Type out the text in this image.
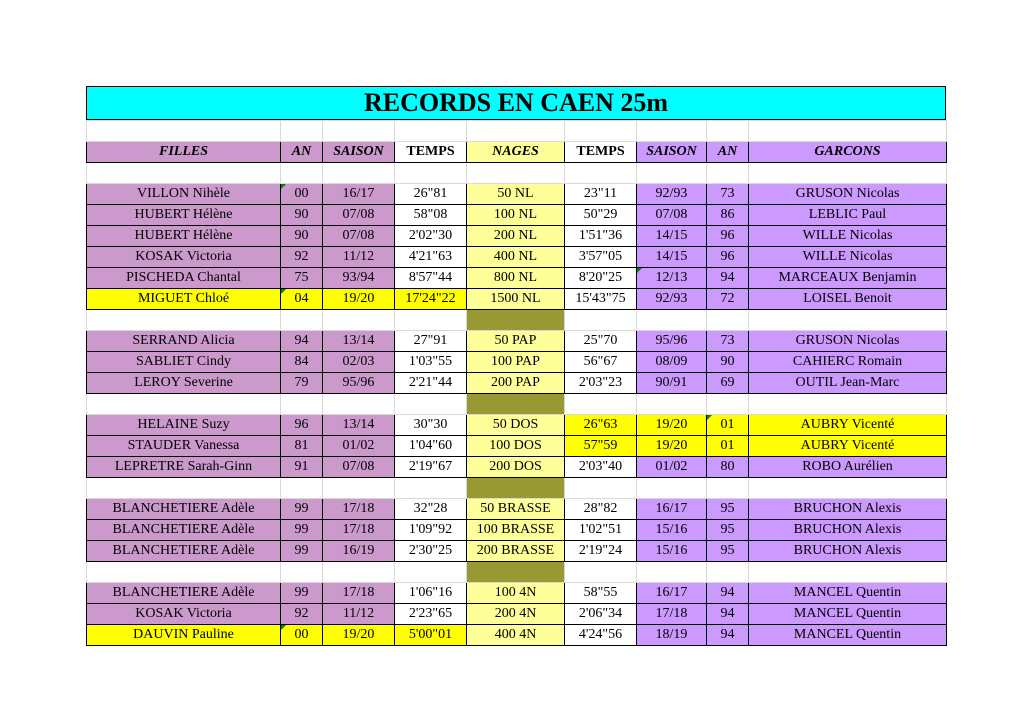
RECORDS EN CAEN 25m

FILLES	AN	SAISON	TEMPS	NAGES	TEMPS	SAISON	AN	GARCONS

VILLON Nihèle	00	16/17	26"81	50 NL	23"11	92/93	73	GRUSON Nicolas
HUBERT Hélène	90	07/08	58"08	100 NL	50"29	07/08	86	LEBLIC Paul
HUBERT Hélène	90	07/08	2'02"30	200 NL	1'51"36	14/15	96	WILLE Nicolas
KOSAK Victoria	92	11/12	4'21"63	400 NL	3'57"05	14/15	96	WILLE Nicolas
PISCHEDA Chantal	75	93/94	8'57"44	800 NL	8'20"25	12/13	94	MARCEAUX Benjamin
MIGUET Chloé	04	19/20	17'24"22	1500 NL	15'43"75	92/93	72	LOISEL Benoit

SERRAND Alicia	94	13/14	27"91	50 PAP	25"70	95/96	73	GRUSON Nicolas
SABLIET Cindy	84	02/03	1'03"55	100 PAP	56"67	08/09	90	CAHIERC Romain
LEROY Severine	79	95/96	2'21"44	200 PAP	2'03"23	90/91	69	OUTIL Jean-Marc

HELAINE Suzy	96	13/14	30"30	50 DOS	26"63	19/20	01	AUBRY Vicenté
STAUDER Vanessa	81	01/02	1'04"60	100 DOS	57"59	19/20	01	AUBRY Vicenté
LEPRETRE Sarah-Ginn	91	07/08	2'19"67	200 DOS	2'03"40	01/02	80	ROBO Aurélien

BLANCHETIERE Adèle	99	17/18	32"28	50 BRASSE	28"82	16/17	95	BRUCHON Alexis
BLANCHETIERE Adèle	99	17/18	1'09"92	100 BRASSE	1'02"51	15/16	95	BRUCHON Alexis
BLANCHETIERE Adèle	99	16/19	2'30"25	200 BRASSE	2'19"24	15/16	95	BRUCHON Alexis

BLANCHETIERE Adèle	99	17/18	1'06"16	100 4N	58"55	16/17	94	MANCEL Quentin
KOSAK Victoria	92	11/12	2'23"65	200 4N	2'06"34	17/18	94	MANCEL Quentin
DAUVIN Pauline	00	19/20	5'00"01	400 4N	4'24"56	18/19	94	MANCEL Quentin
